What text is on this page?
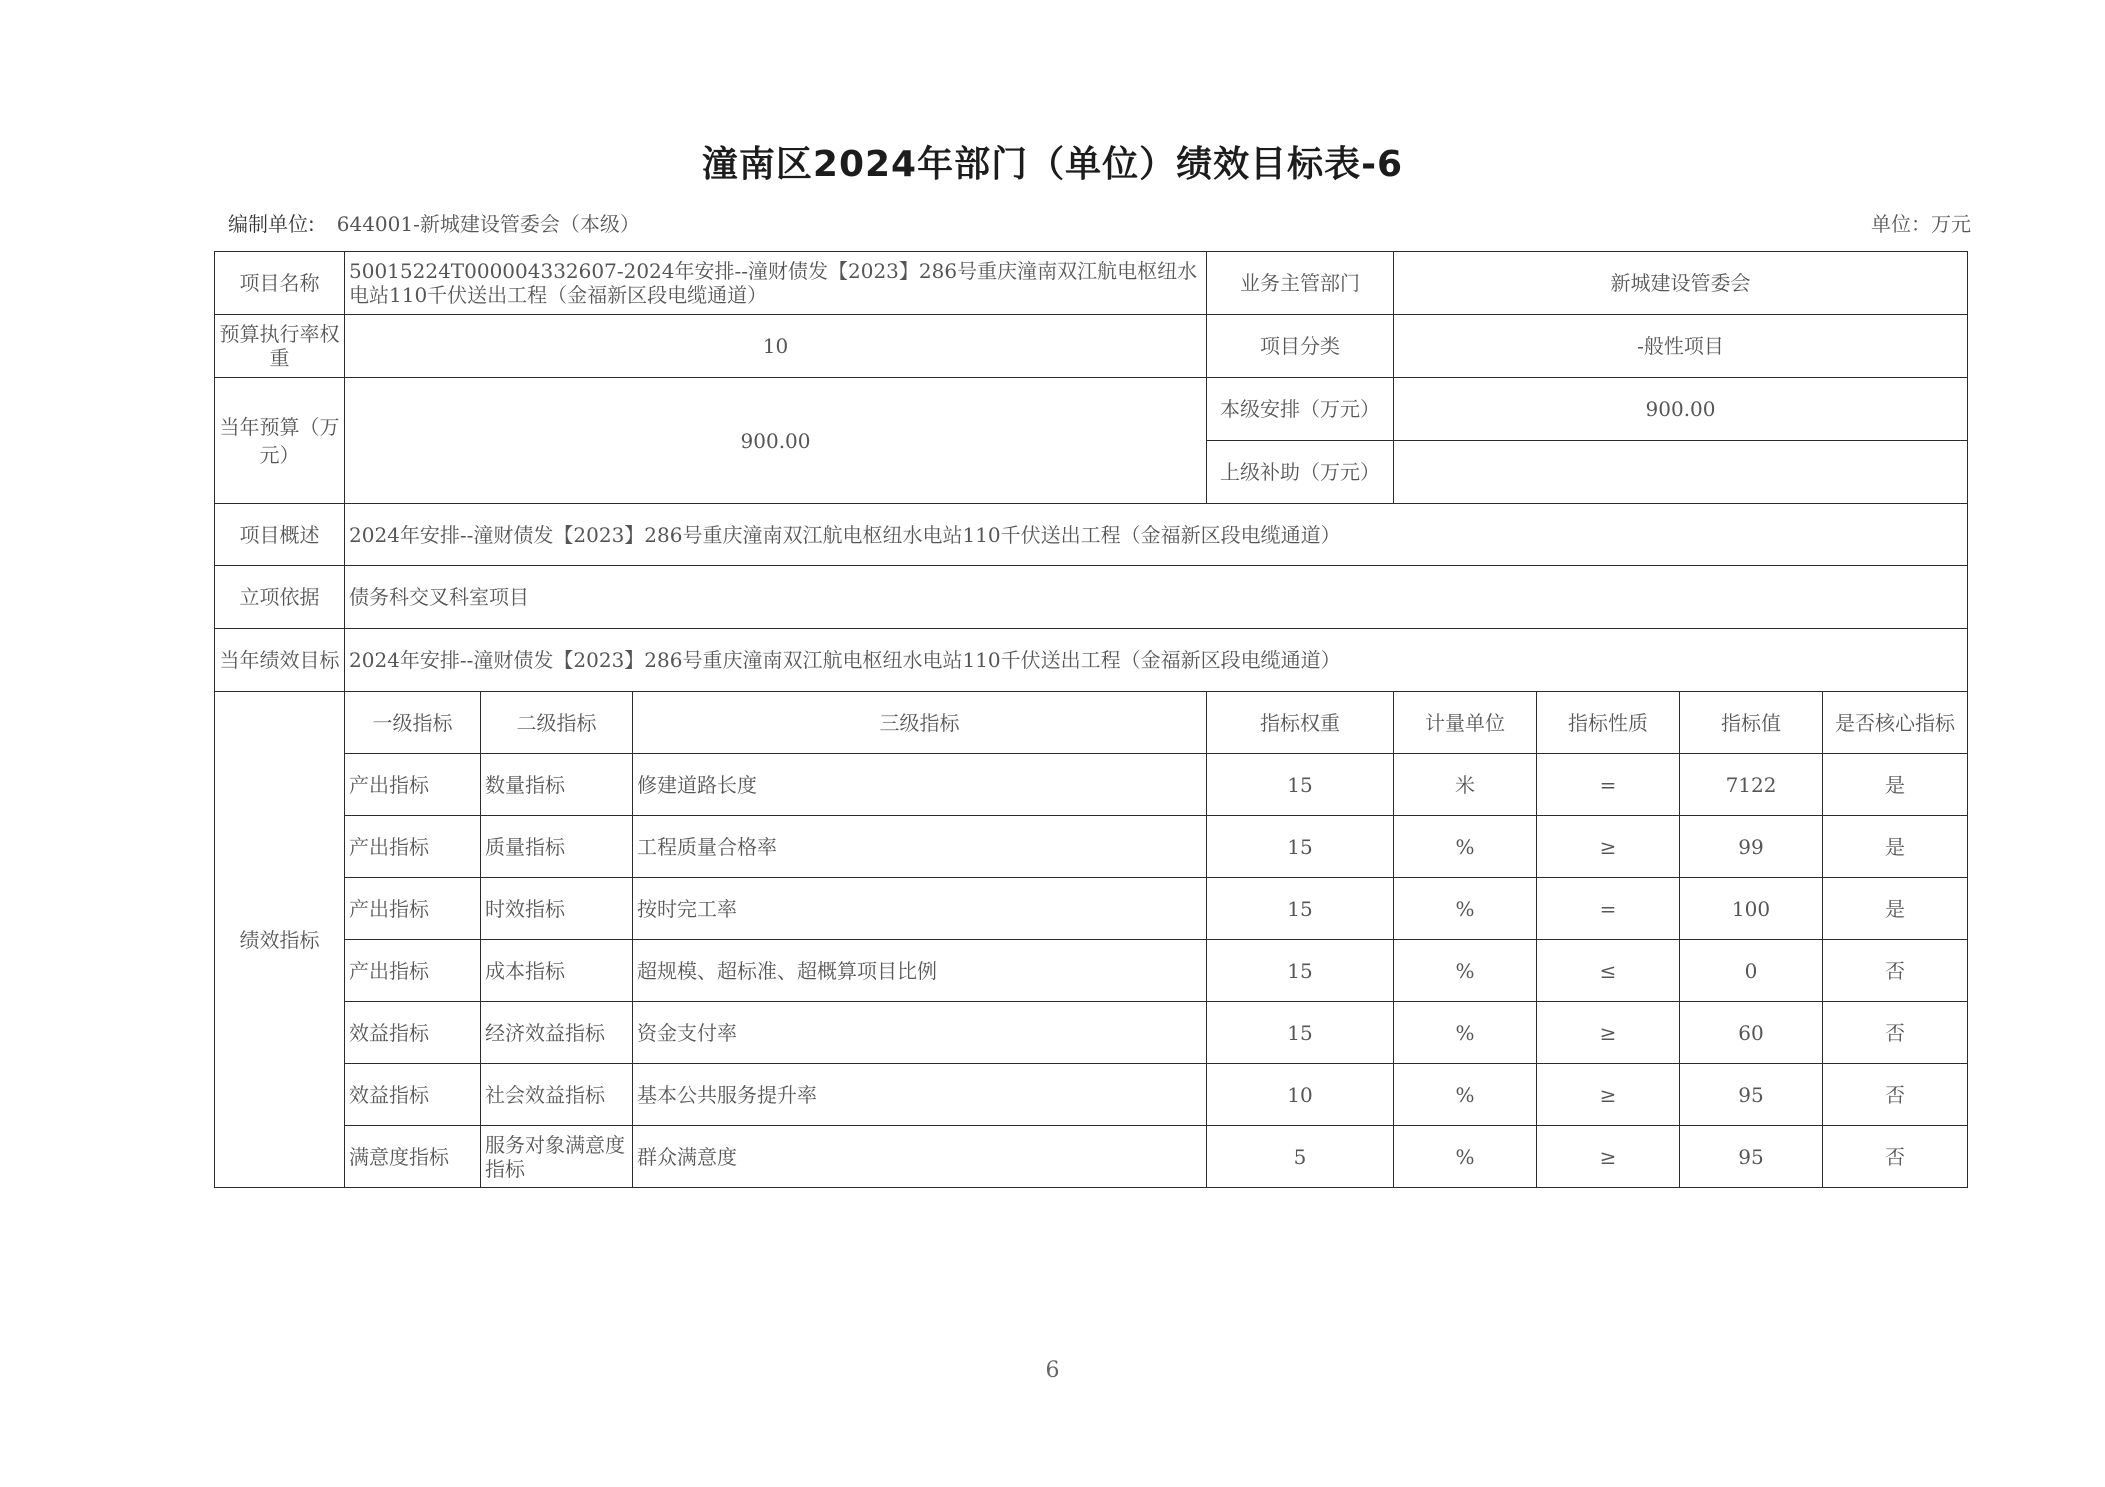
潼南区2024年部门（单位）绩效目标表-6
编制单位: 644001-新城建设管委会（本级）	单位：万元
项目名称	50015224T000004332607-2024年安排--潼财债发【2023】286号重庆潼南双江航电枢纽水电站110千伏送出工程（金福新区段电缆通道）			业务主管部门	新城建设管委会			
预算执行率权重	10			项目分类	-般性项目			
当年预算（万元）	900.00			本级安排（万元）	900.00			
				上级补助（万元）				
项目概述	2024年安排--潼财债发【2023】286号重庆潼南双江航电枢纽水电站110千伏送出工程（金福新区段电缆通道）							
立项依据	债务科交叉科室项目							
当年绩效目标	2024年安排--潼财债发【2023】286号重庆潼南双江航电枢纽水电站110千伏送出工程（金福新区段电缆通道）							
绩效指标	一级指标	二级指标	三级指标	指标权重	计量单位	指标性质	指标值	是否核心指标
	产出指标	数量指标	修建道路长度	15	米	=	7122	是
	产出指标	质量指标	工程质量合格率	15	%	≥	99	是
	产出指标	时效指标	按时完工率	15	%	=	100	是
	产出指标	成本指标	超规模、超标准、超概算项目比例	15	%	≤	0	否
	效益指标	经济效益指标	资金支付率	15	%	≥	60	否
	效益指标	社会效益指标	基本公共服务提升率	10	%	≥	95	否
	满意度指标	服务对象满意度指标	群众满意度	5	%	≥	95	否
6
